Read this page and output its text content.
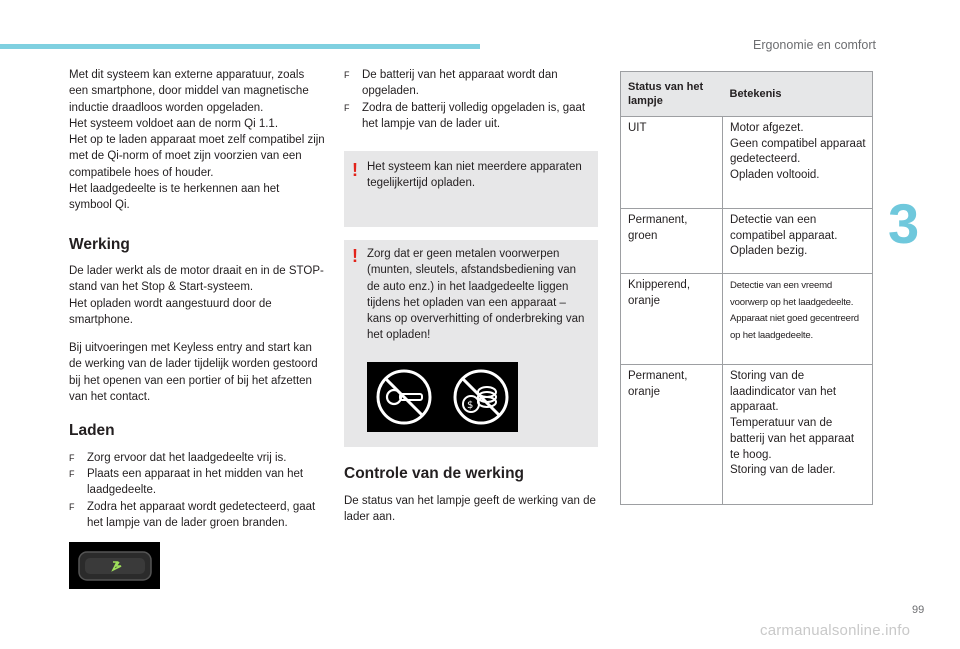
Ergonomie en comfort
3
99
carmanualsonline.info

Met dit systeem kan externe apparatuur, zoals een smartphone, door middel van magnetische inductie draadloos worden opgeladen.

Het systeem voldoet aan de norm Qi 1.1.

Het op te laden apparaat moet zelf compatibel zijn met de Qi-norm of moet zijn voorzien van een compatibele hoes of houder.

Het laadgedeelte is te herkennen aan het symbool Qi.

Werking

De lader werkt als de motor draait en in de STOP-stand van het Stop & Start-systeem.

Het opladen wordt aangestuurd door de smartphone.

Bij uitvoeringen met Keyless entry and start kan de werking van de lader tijdelijk worden gestoord bij het openen van een portier of bij het afzetten van het contact.

Laden

F Zorg ervoor dat het laadgedeelte vrij is.
F Plaats een apparaat in het midden van het laadgedeelte.
F Zodra het apparaat wordt gedetecteerd, gaat het lampje van de lader groen branden.
F De batterij van het apparaat wordt dan opgeladen.
F Zodra de batterij volledig opgeladen is, gaat het lampje van de lader uit.
! Het systeem kan niet meerdere apparaten tegelijkertijd opladen.
! Zorg dat er geen metalen voorwerpen (munten, sleutels, afstandsbediening van de auto enz.) in het laadgedeelte liggen tijdens het opladen van een apparaat – kans op oververhitting of onderbreking van het opladen!
$
Controle van de werking
De status van het lampje geeft de werking van de lader aan.
Status van het lampje	Betekenis
UIT	Motor afgezet.
Geen compatibel apparaat gedetecteerd.
Opladen voltooid.

Permanent, groen	Detectie van een compatibel apparaat.
Opladen bezig.

Knipperend, oranje	Detectie van een vreemd voorwerp op het laadgedeelte.
Apparaat niet goed gecentreerd op het laadgedeelte.

Permanent, oranje	Storing van de laadindicator van het apparaat.
Temperatuur van de batterij van het apparaat te hoog.
Storing van de lader.
